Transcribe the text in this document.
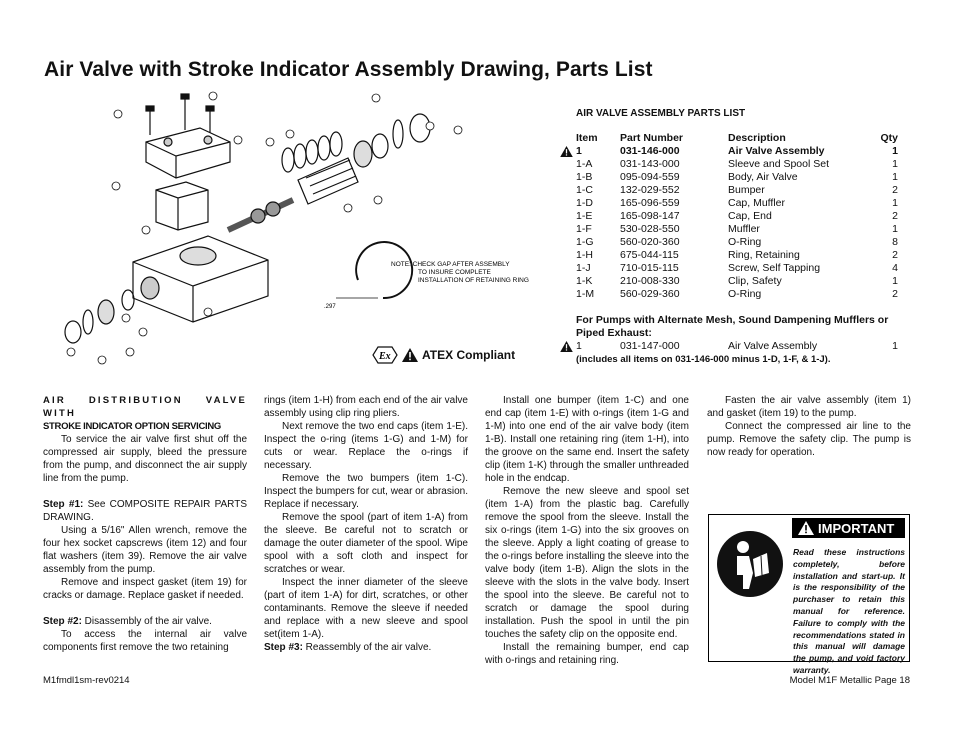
Air Valve with Stroke Indicator Assembly Drawing, Parts List
.297
NOTE: CHECK GAP AFTER ASSEMBLY
TO INSURE COMPLETE
INSTALLATION OF RETAINING RING
Ex	ATEX Compliant
AIR VALVE ASSEMBLY PARTS LIST
Item	Part Number	Description	Qty

1	031-146-000	Air Valve Assembly	1
1-A	031-143-000	Sleeve and Spool Set	1
1-B	095-094-559	Body, Air Valve	1
1-C	132-029-552	Bumper	2
1-D	165-096-559	Cap, Muffler	1
1-E	165-098-147	Cap, End	2
1-F	530-028-550	Muffler	1
1-G	560-020-360	O-Ring	8
1-H	675-044-115	Ring, Retaining	2
1-J	710-015-115	Screw, Self Tapping	4
1-K	210-008-330	Clip, Safety	1
1-M	560-029-360	O-Ring	2
For Pumps with Alternate Mesh, Sound Dampening Mufflers or Piped Exhaust:
1	031-147-000	Air Valve Assembly	1
(includes all items on 031-146-000 minus 1-D, 1-F, & 1-J).

AIR DISTRIBUTION VALVE WITH

STROKE INDICATOR OPTION SERVICING

To service the air valve first shut off the compressed air supply, bleed the pressure from the pump, and disconnect the air supply line from the pump.

Step #1: See COMPOSITE REPAIR PARTS DRAWING.

Using a 5/16" Allen wrench, remove the four hex socket capscrews (item 12) and four flat washers (item 39). Remove the air valve assembly from the pump.

Remove and inspect gasket (item 19) for cracks or damage. Replace gasket if needed.

Step #2: Disassembly of the air valve.

To access the internal air valve components first remove the two retaining

rings (item 1-H) from each end of the air valve assembly using clip ring pliers.

Next remove the two end caps (item 1-E). Inspect the o-ring (items 1-G) and 1-M) for cuts or wear. Replace the o-rings if necessary.

Remove the two bumpers (item 1-C). Inspect the bumpers for cut, wear or abrasion. Replace if necessary.

Remove the spool (part of item 1-A) from the sleeve. Be careful not to scratch or damage the outer diameter of the spool. Wipe spool with a soft cloth and inspect for scratches or wear.

Inspect the inner diameter of the sleeve (part of item 1-A) for dirt, scratches, or other contaminants. Remove the sleeve if needed and replace with a new sleeve and spool set(item 1-A).

Step #3: Reassembly of the air valve.

Install one bumper (item 1-C) and one end cap (item 1-E) with o-rings (item 1-G and 1-M) into one end of the air valve body (item 1-B). Install one retaining ring (item 1-H), into the groove on the same end. Insert the safety clip (item 1-K) through the smaller unthreaded hole in the endcap.

Remove the new sleeve and spool set (item 1-A) from the plastic bag. Carefully remove the spool from the sleeve. Install the six o-rings (item 1-G) into the six grooves on the sleeve. Apply a light coating of grease to the o-rings before installing the sleeve into the valve body (item 1-B). Align the slots in the sleeve with the slots in the valve body. Insert the spool into the sleeve. Be careful not to scratch or damage the spool during installation. Push the spool in until the pin touches the safety clip on the opposite end.

Install the remaining bumper, end cap with o-rings and retaining ring.

Fasten the air valve assembly (item 1) and gasket (item 19) to the pump.

Connect the compressed air line to the pump. Remove the safety clip. The pump is now ready for operation.

IMPORTANT
Read these instructions completely, before installation and start-up. It is the responsibility of the purchaser to retain this manual for reference. Failure to comply with the recommendations stated in this manual will damage the pump, and void factory warranty.
M1fmdl1sm-rev0214	Model M1F Metallic Page 18
